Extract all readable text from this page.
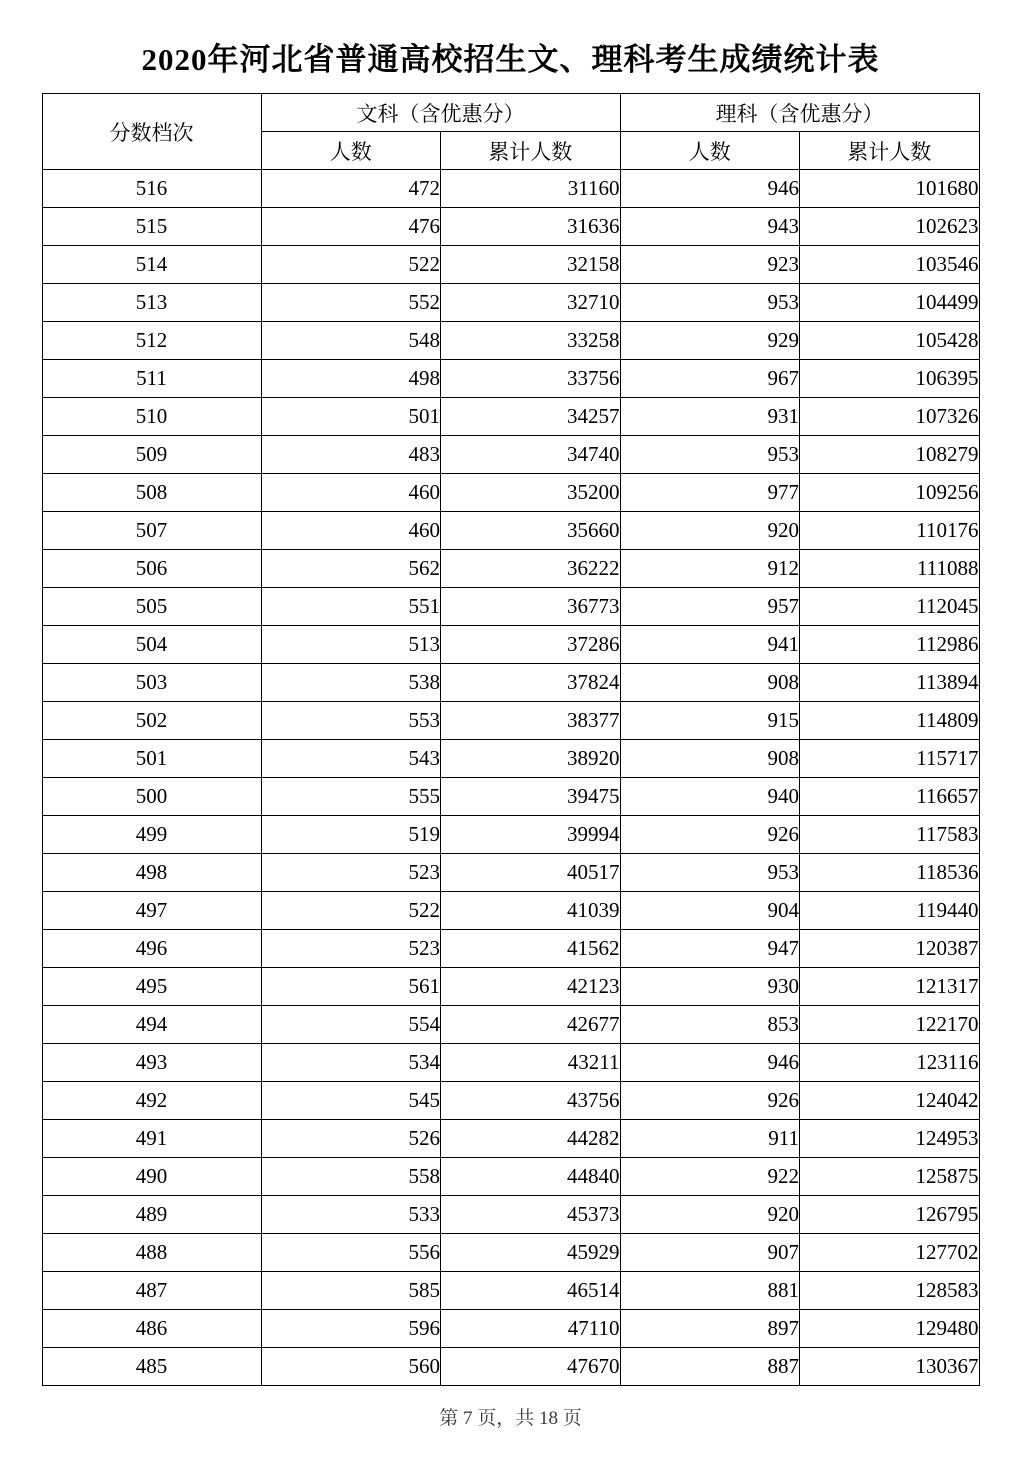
2020年河北省普通高校招生文、理科考生成绩统计表
分数档次	文科（含优惠分）		理科（含优惠分）	
	人数	累计人数	人数	累计人数
516	472	31160	946	101680
515	476	31636	943	102623
514	522	32158	923	103546
513	552	32710	953	104499
512	548	33258	929	105428
511	498	33756	967	106395
510	501	34257	931	107326
509	483	34740	953	108279
508	460	35200	977	109256
507	460	35660	920	110176
506	562	36222	912	111088
505	551	36773	957	112045
504	513	37286	941	112986
503	538	37824	908	113894
502	553	38377	915	114809
501	543	38920	908	115717
500	555	39475	940	116657
499	519	39994	926	117583
498	523	40517	953	118536
497	522	41039	904	119440
496	523	41562	947	120387
495	561	42123	930	121317
494	554	42677	853	122170
493	534	43211	946	123116
492	545	43756	926	124042
491	526	44282	911	124953
490	558	44840	922	125875
489	533	45373	920	126795
488	556	45929	907	127702
487	585	46514	881	128583
486	596	47110	897	129480
485	560	47670	887	130367
第 7 页，共 18 页
